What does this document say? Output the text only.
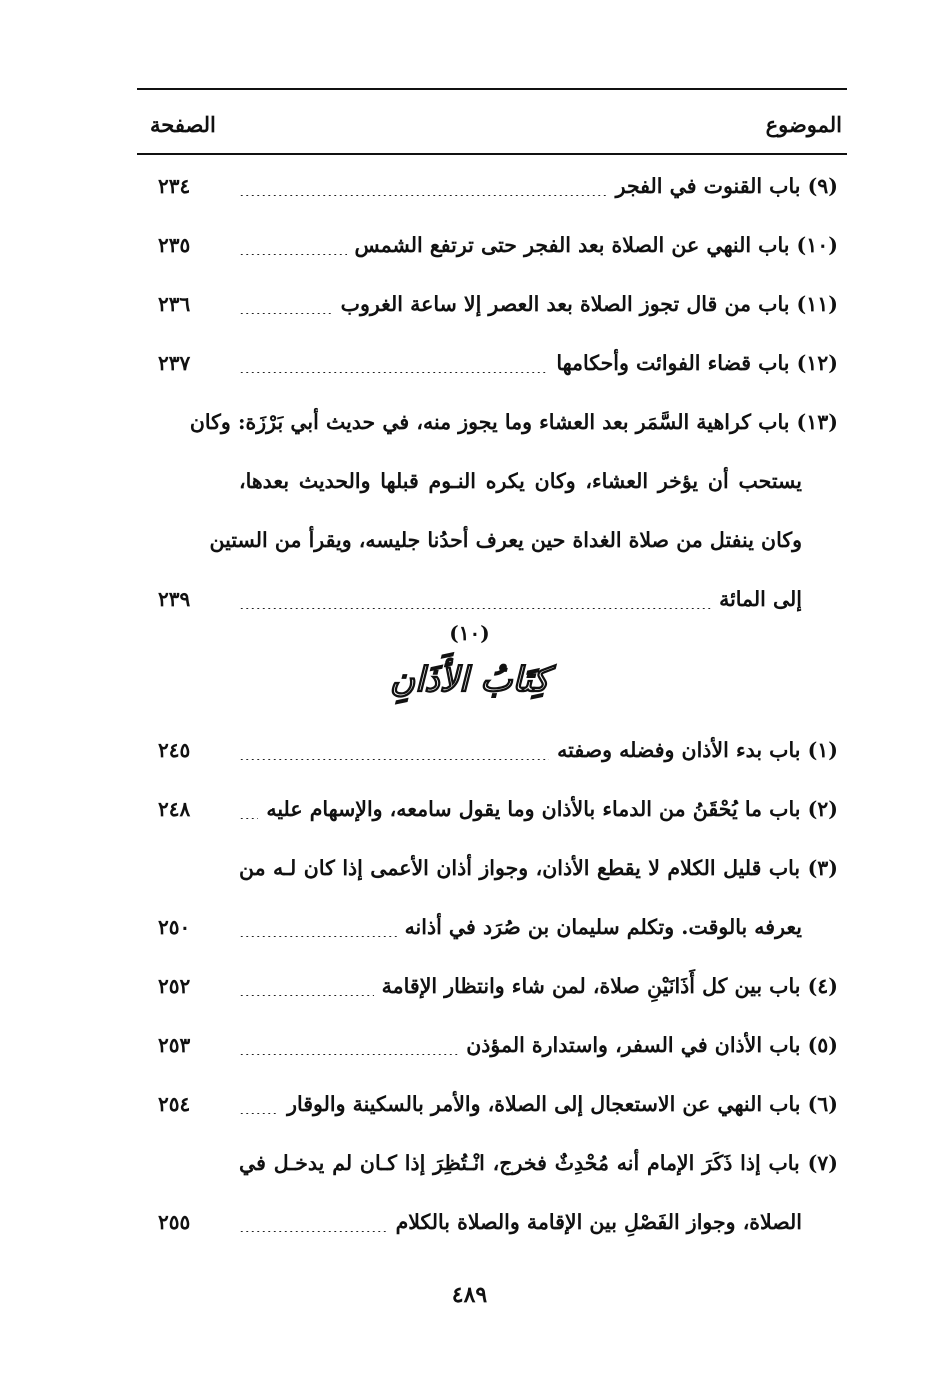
الموضوع
الصفحة
(٩) باب القنوت في الفجر
٢٣٤
(١٠) باب النهي عن الصلاة بعد الفجر حتى ترتفع الشمس
٢٣٥
(١١) باب من قال تجوز الصلاة بعد العصر إلا ساعة الغروب
٢٣٦
(١٢) باب قضاء الفوائت وأحكامها
٢٣٧
(١٣) باب كراهية السَّمَر بعد العشاء وما يجوز منه، في حديث أبي بَرْزَة: وكان
يستحب أن يؤخر العشاء، وكان يكره النـوم قبلها والحديث بعدها،
وكان ينفتل من صلاة الغداة حين يعرف أحدُنا جليسه، ويقرأ من الستين
إلى المائة
٢٣٩
(١٠)
كِتَابُ الأَذَانِ
(١) باب بدء الأذان وفضله وصفته
٢٤٥
(٢) باب ما يُحْقَنُ من الدماء بالأذان وما يقول سامعه، والإسهام عليه
٢٤٨
(٣) باب قليل الكلام لا يقطع الأذان، وجواز أذان الأعمى إذا كان لـه من
يعرفه بالوقت. وتكلم سليمان بن صُرَد في أذانه
٢٥٠
(٤) باب بين كل أَذَانَيْنِ صلاة، لمن شاء وانتظار الإقامة
٢٥٢
(٥) باب الأذان في السفر، واستدارة المؤذن
٢٥٣
(٦) باب النهي عن الاستعجال إلى الصلاة، والأمر بالسكينة والوقار
٢٥٤
(٧) باب إذا ذَكَرَ الإمام أنه مُحْدِثٌ فخرج، انْـتُظِرَ إذا كـان لم يدخـل في
الصلاة، وجواز الفَصْلِ بين الإقامة والصلاة بالكلام
٢٥٥
٤٨٩
